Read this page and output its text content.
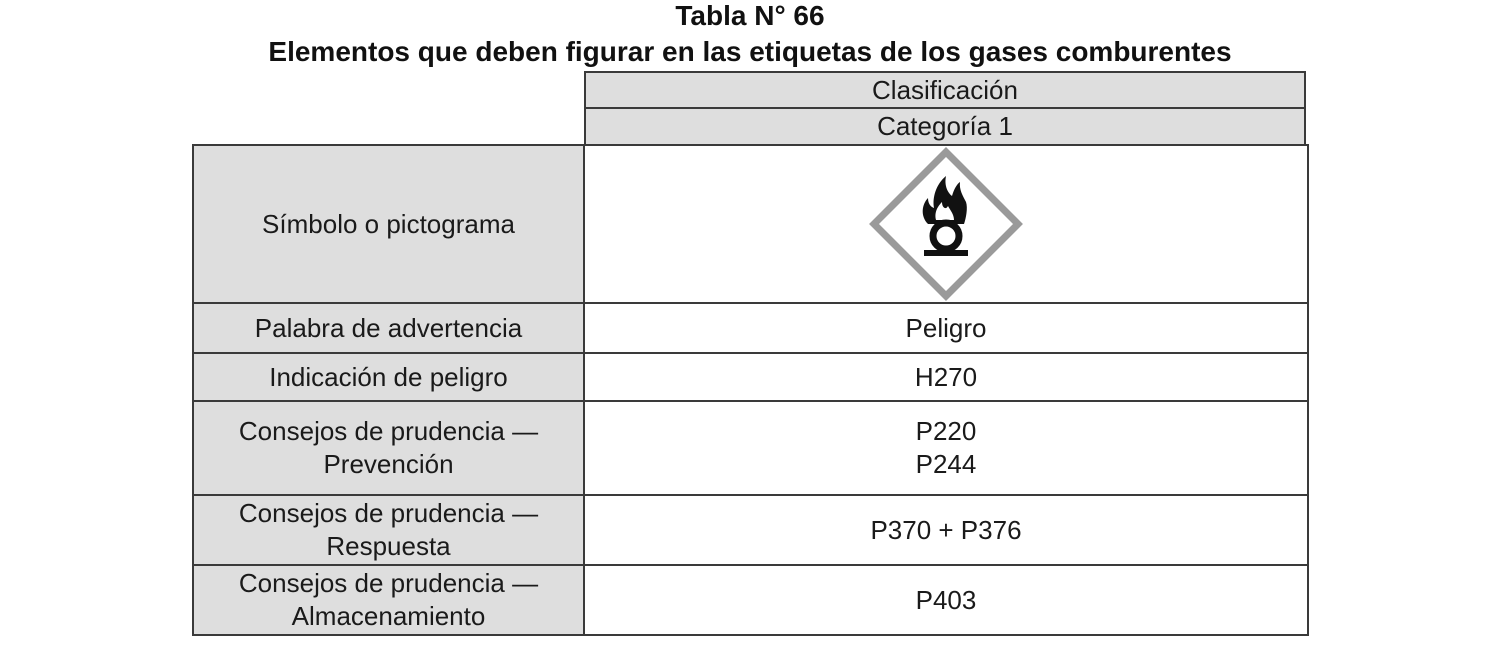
Tabla N° 66
Elementos que deben figurar en las etiquetas de los gases comburentes
Clasificación
Categoría 1
Símbolo o pictograma	

Palabra de advertencia	Peligro
Indicación de peligro	H270

Consejos de prudencia —
Prevención	P220
P244

Consejos de prudencia —
Respuesta	P370 + P376

Consejos de prudencia —
Almacenamiento	P403
